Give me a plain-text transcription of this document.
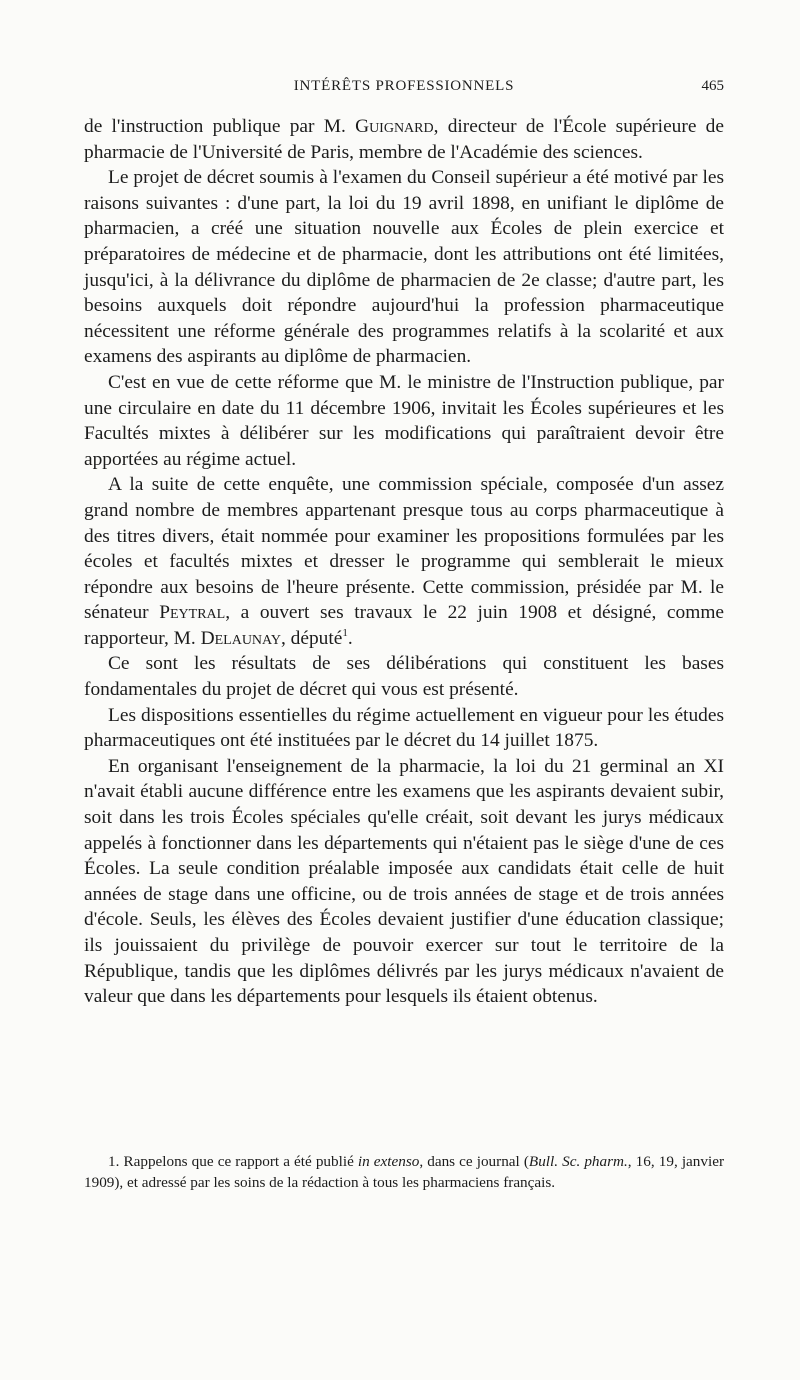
INTÉRÊTS PROFESSIONNELS	465

de l'instruction publique par M. Guignard, directeur de l'École supérieure de pharmacie de l'Université de Paris, membre de l'Académie des sciences.

Le projet de décret soumis à l'examen du Conseil supérieur a été motivé par les raisons suivantes : d'une part, la loi du 19 avril 1898, en unifiant le diplôme de pharmacien, a créé une situation nouvelle aux Écoles de plein exercice et préparatoires de médecine et de pharmacie, dont les attributions ont été limitées, jusqu'ici, à la délivrance du diplôme de pharmacien de 2e classe; d'autre part, les besoins auxquels doit répondre aujourd'hui la profession pharmaceutique nécessitent une réforme générale des programmes relatifs à la scolarité et aux examens des aspirants au diplôme de pharmacien.

C'est en vue de cette réforme que M. le ministre de l'Instruction publique, par une circulaire en date du 11 décembre 1906, invitait les Écoles supérieures et les Facultés mixtes à délibérer sur les modifications qui paraîtraient devoir être apportées au régime actuel.

A la suite de cette enquête, une commission spéciale, composée d'un assez grand nombre de membres appartenant presque tous au corps pharmaceutique à des titres divers, était nommée pour examiner les propositions formulées par les écoles et facultés mixtes et dresser le programme qui semblerait le mieux répondre aux besoins de l'heure présente. Cette commission, présidée par M. le sénateur Peytral, a ouvert ses travaux le 22 juin 1908 et désigné, comme rapporteur, M. Delaunay, député$^1$.

Ce sont les résultats de ses délibérations qui constituent les bases fondamentales du projet de décret qui vous est présenté.

Les dispositions essentielles du régime actuellement en vigueur pour les études pharmaceutiques ont été instituées par le décret du 14 juillet 1875.

En organisant l'enseignement de la pharmacie, la loi du 21 germinal an XI n'avait établi aucune différence entre les examens que les aspirants devaient subir, soit dans les trois Écoles spéciales qu'elle créait, soit devant les jurys médicaux appelés à fonctionner dans les départements qui n'étaient pas le siège d'une de ces Écoles. La seule condition préalable imposée aux candidats était celle de huit années de stage dans une officine, ou de trois années de stage et de trois années d'école. Seuls, les élèves des Écoles devaient justifier d'une éducation classique; ils jouissaient du privilège de pouvoir exercer sur tout le territoire de la République, tandis que les diplômes délivrés par les jurys médicaux n'avaient de valeur que dans les départements pour lesquels ils étaient obtenus.

1. Rappelons que ce rapport a été publié in extenso, dans ce journal (Bull. Sc. pharm., 16, 19, janvier 1909), et adressé par les soins de la rédaction à tous les pharmaciens français.
